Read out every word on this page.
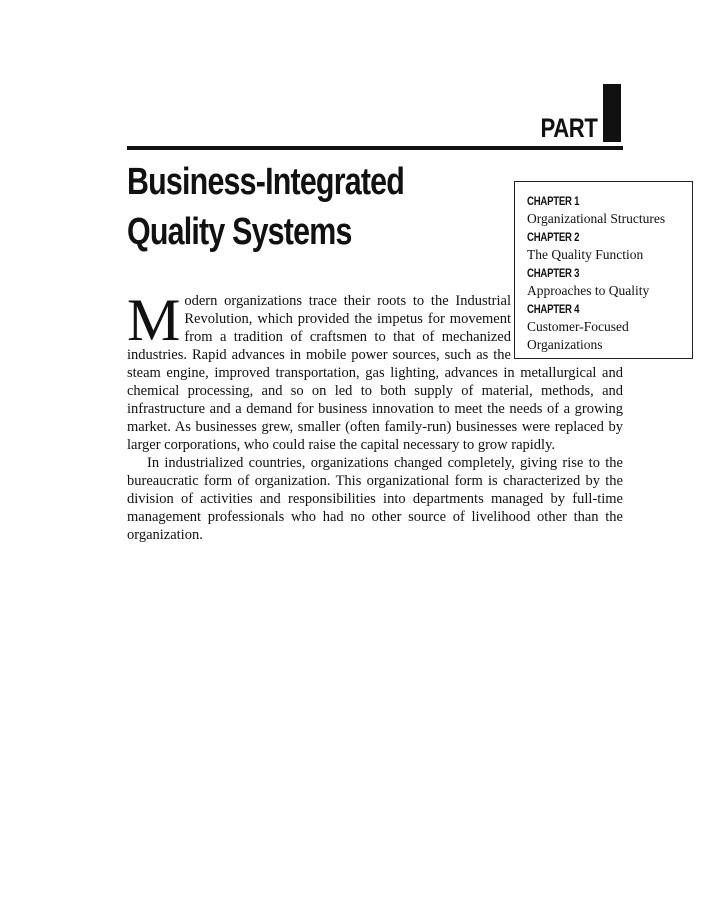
PART
Business-Integrated Quality Systems
CHAPTER 1
Organizational Structures
CHAPTER 2
The Quality Function
CHAPTER 3
Approaches to Quality
CHAPTER 4
Customer-Focused Organizations

Modern organizations trace their roots to the Industrial Revolution, which provided the impetus for movement from a tradition of craftsmen to that of mechanized industries. Rapid advances in mobile power sources, such as the steam engine, improved transportation, gas lighting, advances in metallurgical and chemical processing, and so on led to both supply of material, methods, and infrastructure and a demand for business innovation to meet the needs of a growing market. As businesses grew, smaller (often family-run) businesses were replaced by larger corporations, who could raise the capital necessary to grow rapidly.

In industrialized countries, organizations changed completely, giving rise to the bureaucratic form of organization. This organizational form is characterized by the division of activities and responsibilities into departments managed by full-time management professionals who had no other source of livelihood other than the organization.
